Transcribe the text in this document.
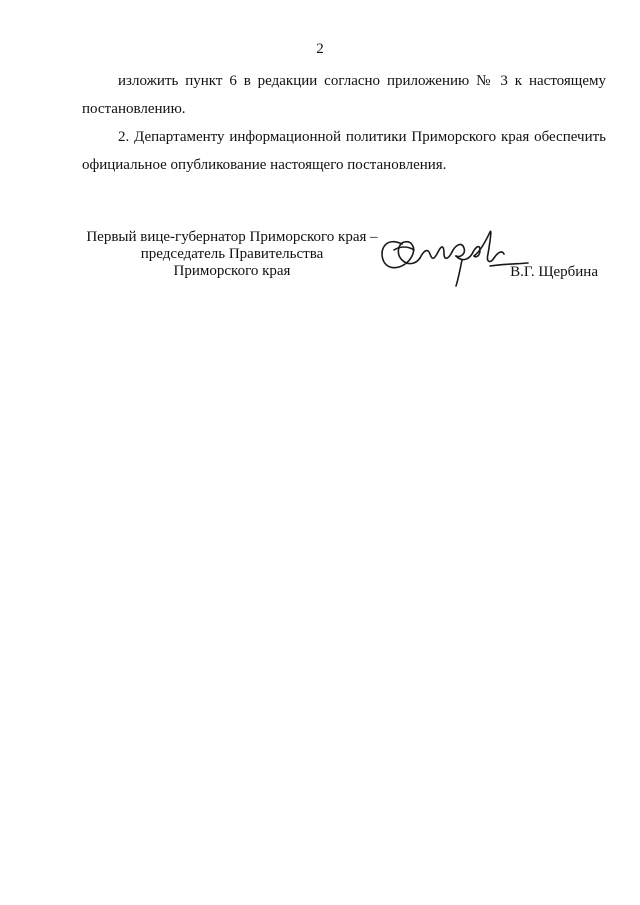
2
изложить пункт 6 в редакции согласно приложению № 3 к настоящему
постановлению.
2. Департаменту информационной политики Приморского края обеспечить
официальное опубликование настоящего постановления.
Первый вице-губернатор Приморского края –
председатель Правительства
Приморского края	В.Г. Щербина
